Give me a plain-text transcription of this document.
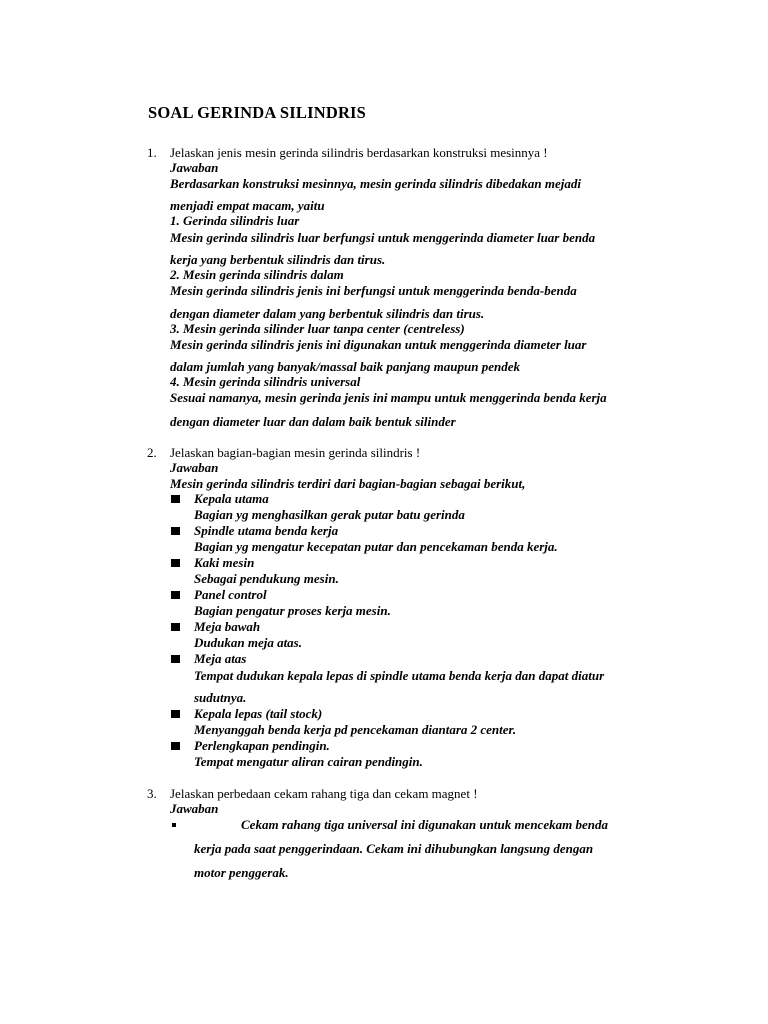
SOAL GERINDA SILINDRIS
1. Jelaskan jenis mesin gerinda silindris berdasarkan konstruksi mesinnya !
Jawaban
Berdasarkan konstruksi mesinnya, mesin gerinda silindris dibedakan mejadi
menjadi empat macam, yaitu
1. Gerinda silindris luar
Mesin gerinda silindris luar berfungsi untuk menggerinda diameter luar benda
kerja yang berbentuk silindris dan tirus.
2. Mesin gerinda silindris dalam
Mesin gerinda silindris jenis ini berfungsi untuk menggerinda benda-benda
dengan diameter dalam yang berbentuk silindris dan tirus.
3. Mesin gerinda silinder luar tanpa center (centreless)
Mesin gerinda silindris jenis ini digunakan untuk menggerinda diameter luar
dalam jumlah yang banyak/massal baik panjang maupun pendek
4. Mesin gerinda silindris universal
Sesuai namanya, mesin gerinda jenis ini mampu untuk menggerinda benda kerja
dengan diameter luar dan dalam baik bentuk silinder
2. Jelaskan bagian-bagian mesin gerinda silindris !
Jawaban
Mesin gerinda silindris terdiri dari bagian-bagian sebagai berikut,
Kepala utama
Bagian yg menghasilkan gerak putar batu gerinda
Spindle utama benda kerja
Bagian yg mengatur kecepatan putar dan pencekaman benda kerja.
Kaki mesin
Sebagai pendukung mesin.
Panel control
Bagian pengatur proses kerja mesin.
Meja bawah
Dudukan meja atas.
Meja atas
Tempat dudukan kepala lepas di spindle utama benda kerja dan dapat diatur
sudutnya.
Kepala lepas (tail stock)
Menyanggah benda kerja pd pencekaman diantara 2 center.
Perlengkapan pendingin.
Tempat mengatur aliran cairan pendingin.
3. Jelaskan perbedaan cekam rahang tiga dan cekam magnet !
Jawaban
Cekam rahang tiga universal ini digunakan untuk mencekam benda
kerja pada saat penggerindaan. Cekam ini dihubungkan langsung dengan
motor penggerak.
